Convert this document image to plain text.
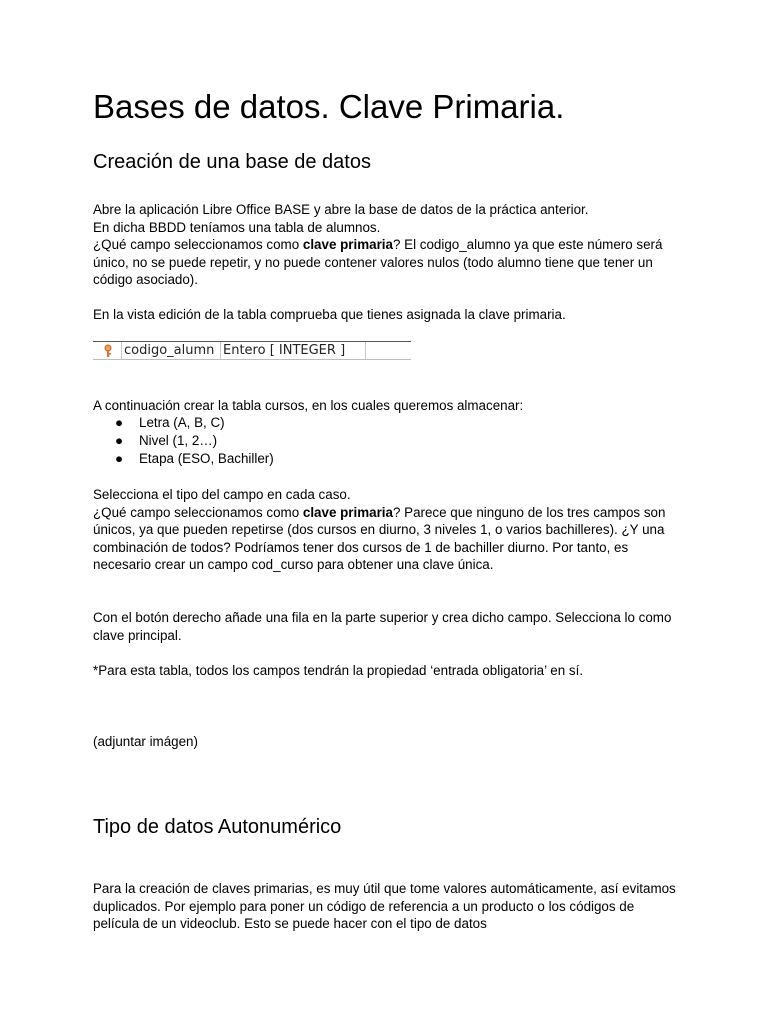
Bases de datos. Clave Primaria.
Creación de una base de datos

Abre la aplicación Libre Office BASE y abre la base de datos de la práctica anterior.
En dicha BBDD teníamos una tabla de alumnos.
¿Qué campo seleccionamos como clave primaria? El codigo_alumno ya que este número será único, no se puede repetir, y no puede contener valores nulos (todo alumno tiene que tener un código asociado).

En la vista edición de la tabla comprueba que tienes asignada la clave primaria.

codigo_alumn Entero [ INTEGER ]

A continuación crear la tabla cursos, en los cuales queremos almacenar:

● Letra (A, B, C)
● Nivel (1, 2…)
● Etapa (ESO, Bachiller)

Selecciona el tipo del campo en cada caso.
¿Qué campo seleccionamos como clave primaria? Parece que ninguno de los tres campos son únicos, ya que pueden repetirse (dos cursos en diurno, 3 niveles 1, o varios bachilleres). ¿Y una combinación de todos? Podríamos tener dos cursos de 1 de bachiller diurno. Por tanto, es necesario crear un campo cod_curso para obtener una clave única.

Con el botón derecho añade una fila en la parte superior y crea dicho campo. Selecciona lo como clave principal.

*Para esta tabla, todos los campos tendrán la propiedad ‘entrada obligatoria’ en sí.

(adjuntar imágen)

Tipo de datos Autonumérico

Para la creación de claves primarias, es muy útil que tome valores automáticamente, así evitamos duplicados. Por ejemplo para poner un código de referencia a un producto o los códigos de película de un videoclub. Esto se puede hacer con el tipo de datos
